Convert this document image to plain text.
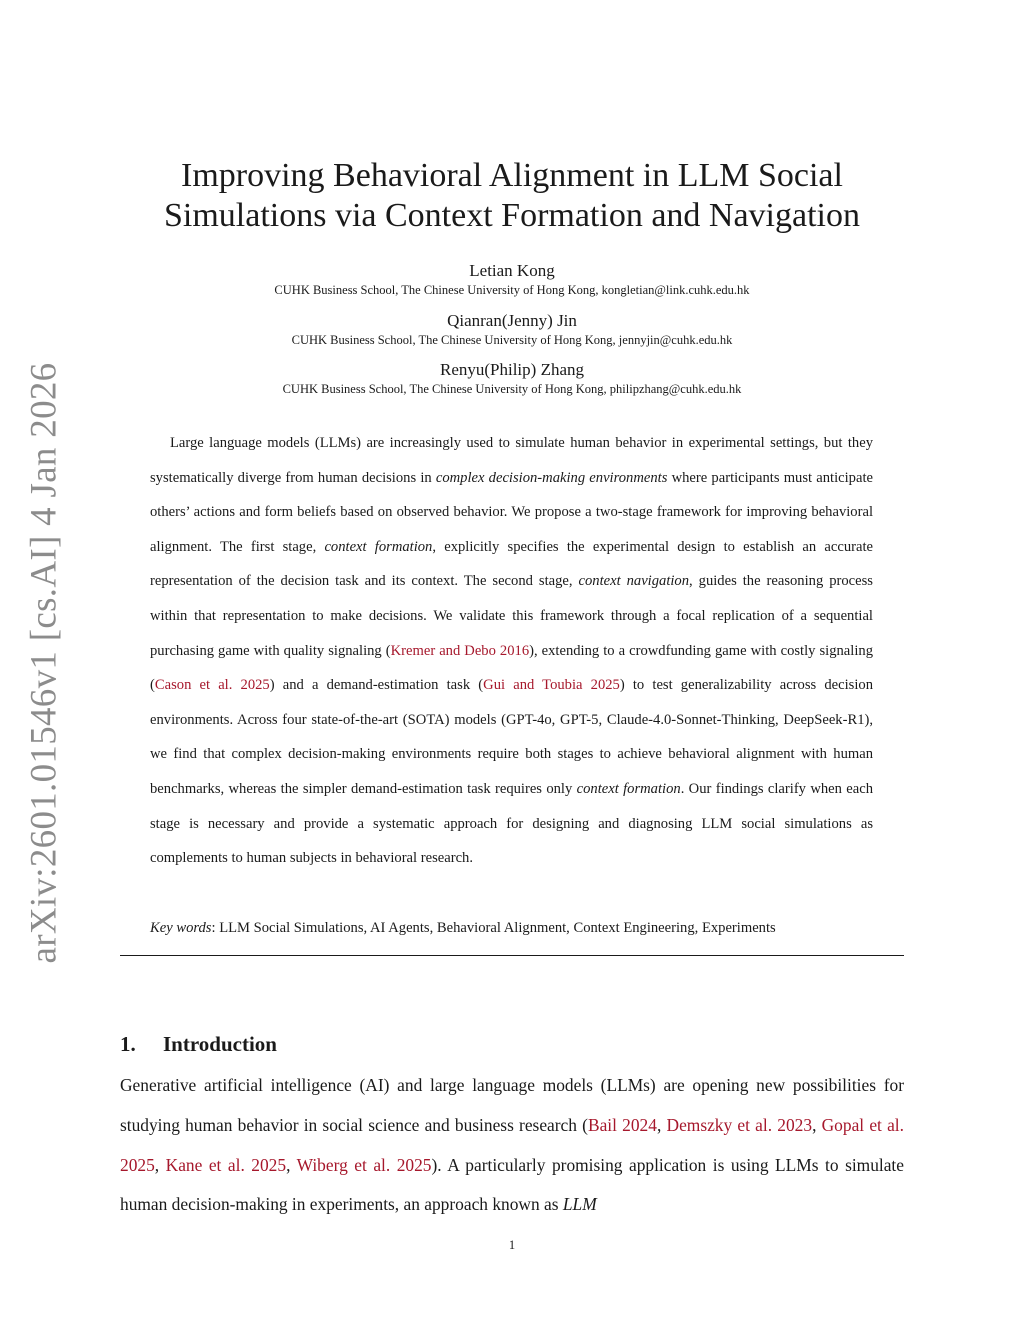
arXiv:2601.01546v1 [cs.AI] 4 Jan 2026
Improving Behavioral Alignment in LLM Social
Simulations via Context Formation and Navigation
Letian Kong
CUHK Business School, The Chinese University of Hong Kong, kongletian@link.cuhk.edu.hk
Qianran(Jenny) Jin
CUHK Business School, The Chinese University of Hong Kong, jennyjin@cuhk.edu.hk
Renyu(Philip) Zhang
CUHK Business School, The Chinese University of Hong Kong, philipzhang@cuhk.edu.hk

Large language models (LLMs) are increasingly used to simulate human behavior in experimental settings, but they systematically diverge from human decisions in complex decision-making environments where participants must anticipate others’ actions and form beliefs based on observed behavior. We propose a two-stage framework for improving behavioral alignment. The first stage, context formation, explicitly specifies the experimental design to establish an accurate representation of the decision task and its context. The second stage, context navigation, guides the reasoning process within that representation to make decisions. We validate this framework through a focal replication of a sequential purchasing game with quality signaling (Kremer and Debo 2016), extending to a crowdfunding game with costly signaling (Cason et al. 2025) and a demand-estimation task (Gui and Toubia 2025) to test generalizability across decision environments. Across four state-of-the-art (SOTA) models (GPT-4o, GPT-5, Claude-4.0-Sonnet-Thinking, DeepSeek-R1), we find that complex decision-making environments require both stages to achieve behavioral alignment with human benchmarks, whereas the simpler demand-estimation task requires only context formation. Our findings clarify when each stage is necessary and provide a systematic approach for designing and diagnosing LLM social simulations as complements to human subjects in behavioral research.

Key words: LLM Social Simulations, AI Agents, Behavioral Alignment, Context Engineering, Experiments

1. Introduction

Generative artificial intelligence (AI) and large language models (LLMs) are opening new possibilities for studying human behavior in social science and business research (Bail 2024, Demszky et al. 2023, Gopal et al. 2025, Kane et al. 2025, Wiberg et al. 2025). A particularly promising application is using LLMs to simulate human decision-making in experiments, an approach known as LLM

1
